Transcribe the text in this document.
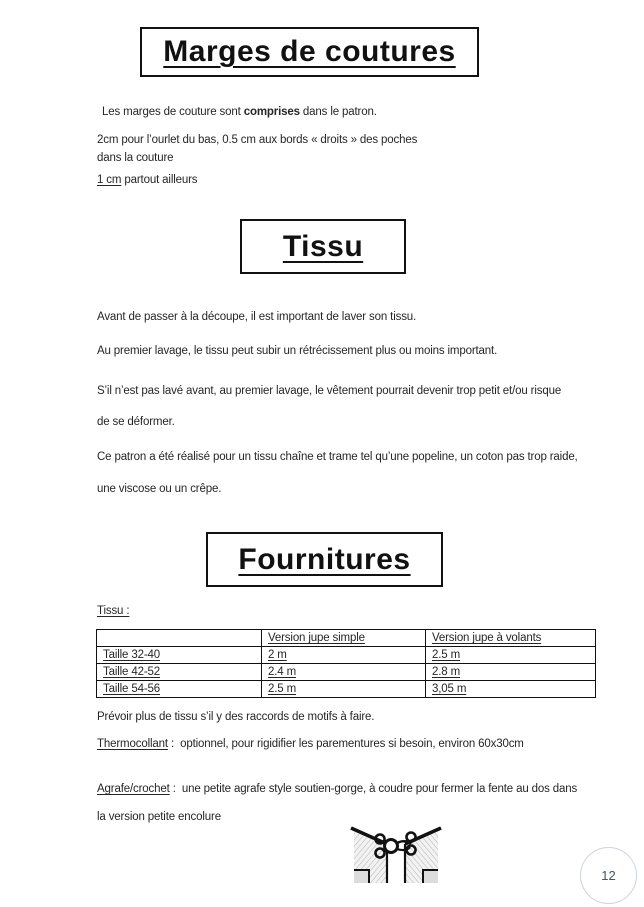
Marges de coutures
Les marges de couture sont comprises dans le patron.
2cm pour l’ourlet du bas, 0.5 cm aux bords « droits » des poches
dans la couture
1 cm partout ailleurs
Tissu
Avant de passer à la découpe, il est important de laver son tissu.
Au premier lavage, le tissu peut subir un rétrécissement plus ou moins important.
S’il n’est pas lavé avant, au premier lavage, le vêtement pourrait devenir trop petit et/ou risque
de se déformer.
Ce patron a été réalisé pour un tissu chaîne et trame tel qu’une popeline, un coton pas trop raide,
une viscose ou un crêpe.
Fournitures
Tissu :
	Version jupe simple	Version jupe à volants
Taille 32-40	2 m	2.5 m
Taille 42-52	2.4 m	2.8 m
Taille 54-56	2.5 m	3,05 m
Prévoir plus de tissu s’il y des raccords de motifs à faire.
Thermocollant :  optionnel, pour rigidifier les parementures si besoin, environ 60x30cm
Agrafe/crochet :  une petite agrafe style soutien-gorge, à coudre pour fermer la fente au dos dans
la version petite encolure
12
